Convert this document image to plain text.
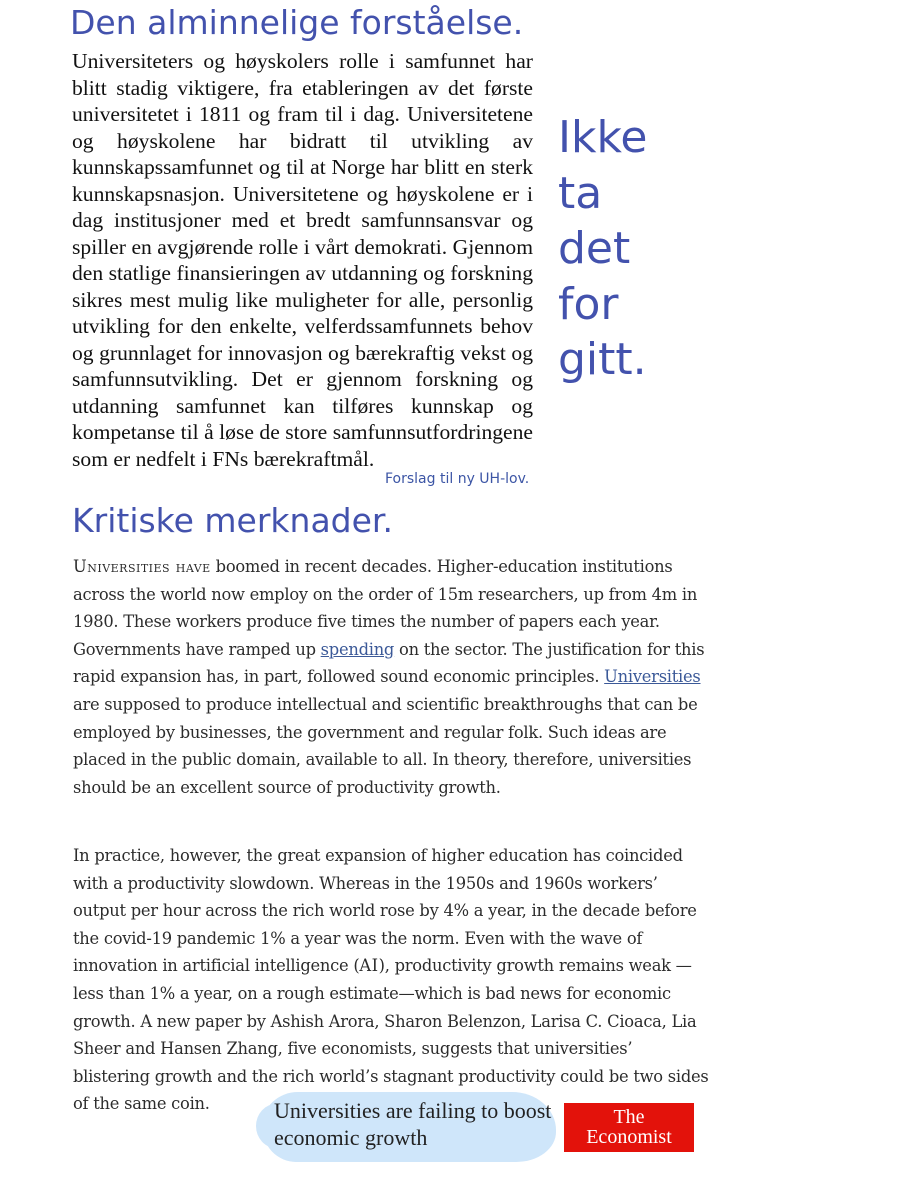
Den alminnelige forståelse.

Universiteters og høyskolers rolle i samfunnet har blitt stadig viktigere, fra etableringen av det første universitetet i 1811 og fram til i dag. Universitetene og høyskolene har bidratt til utvikling av kunnskapssamfunnet og til at Norge har blitt en sterk kunnskapsnasjon. Universitetene og høyskolene er i dag institusjoner med et bredt samfunnsansvar og spiller en avgjørende rolle i vårt demokrati. Gjennom den statlige finansieringen av utdanning og forskning sikres mest mulig like muligheter for alle, personlig utvikling for den enkelte, velferdssamfunnets behov og grunnlaget for innovasjon og bærekraftig vekst og samfunnsutvikling. Det er gjennom forskning og utdanning samfunnet kan tilføres kunnskap og kompetanse til å løse de store samfunnsutfordringene som er nedfelt i FNs bærekraftmål.

Ikke
ta
det
for
gitt.
Forslag til ny UH-lov.
Kritiske merknader.

Universities have boomed in recent decades. Higher-education institutions across the world now employ on the order of 15m researchers, up from 4m in 1980. These workers produce five times the number of papers each year. Governments have ramped up spending on the sector. The justification for this rapid expansion has, in part, followed sound economic principles. Universities are supposed to produce intellectual and scientific breakthroughs that can be employed by businesses, the government and regular folk. Such ideas are placed in the public domain, available to all. In theory, therefore, universities should be an excellent source of productivity growth.

In practice, however, the great expansion of higher education has coincided with a productivity slowdown. Whereas in the 1950s and 1960s workers’ output per hour across the rich world rose by 4% a year, in the decade before the covid-19 pandemic 1% a year was the norm. Even with the wave of innovation in artificial intelligence (AI), productivity growth remains weak —less than 1% a year, on a rough estimate—which is bad news for economic growth. A new paper by Ashish Arora, Sharon Belenzon, Larisa C. Cioaca, Lia Sheer and Hansen Zhang, five economists, suggests that universities’ blistering growth and the rich world’s stagnant productivity could be two sides of the same coin.	Universities are failing to boost economic growth
The
Economist
